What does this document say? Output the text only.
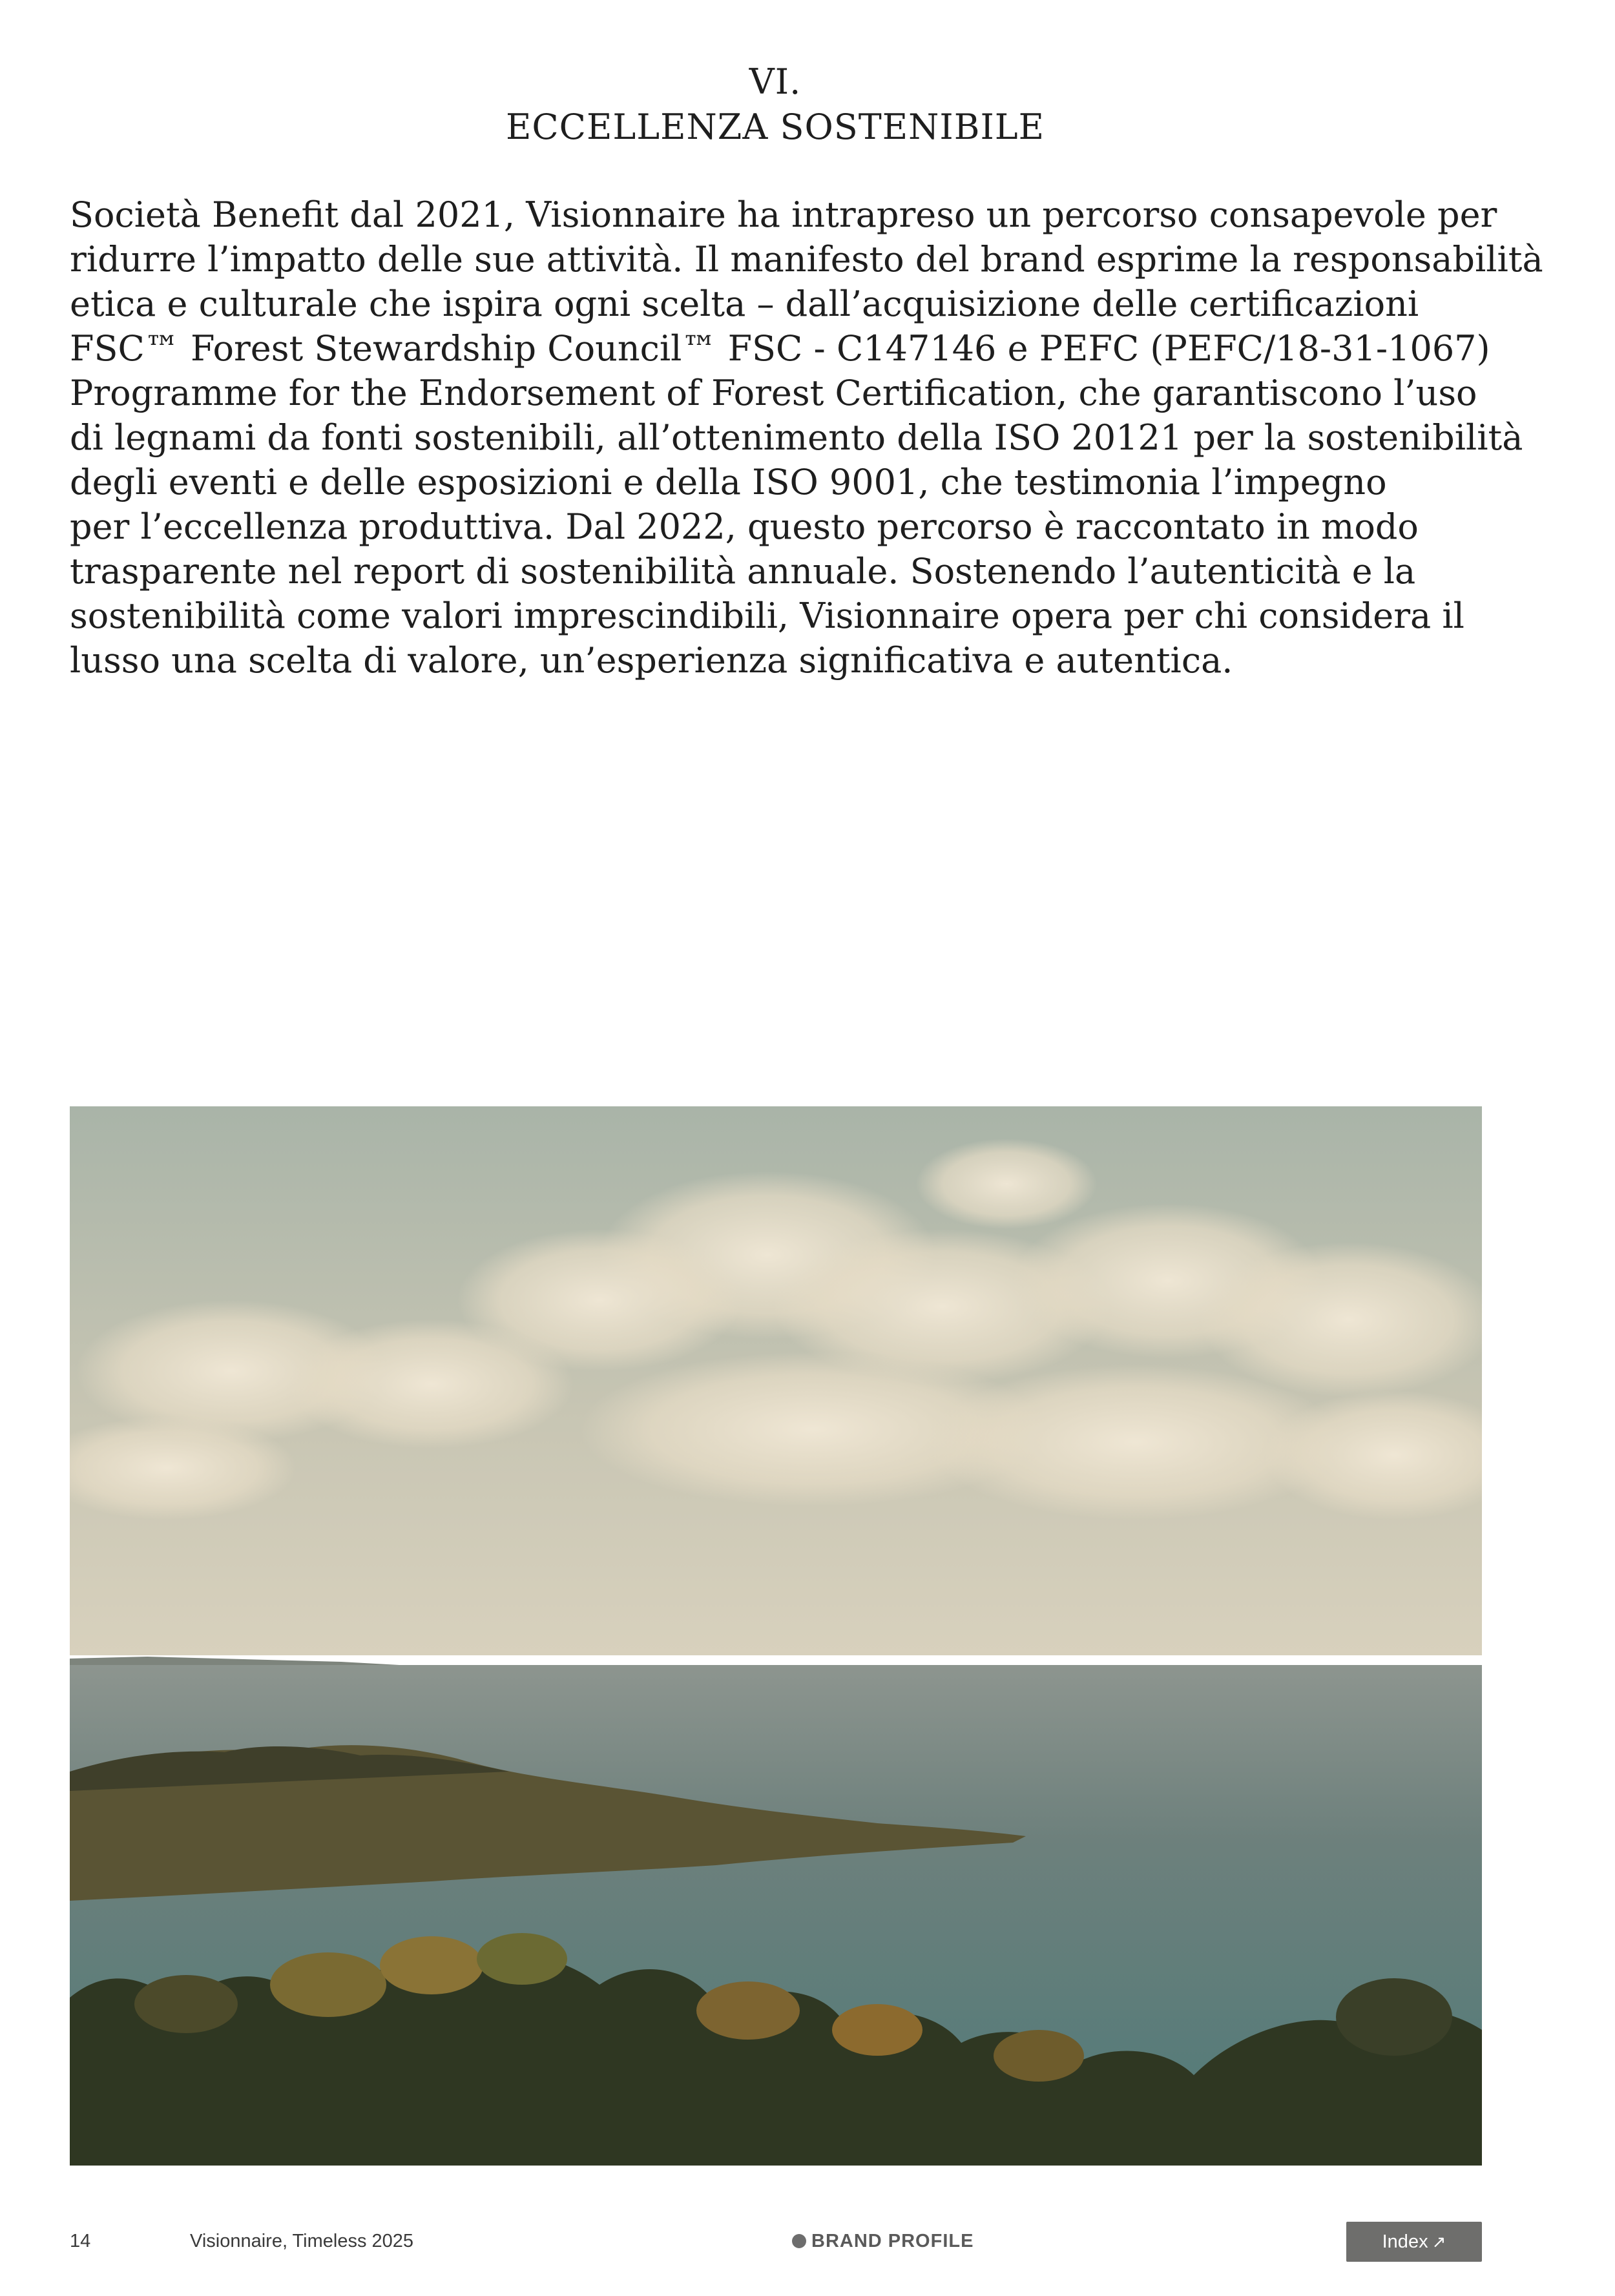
VI.
ECCELLENZA SOSTENIBILE
Società Benefit dal 2021, Visionnaire ha intrapreso un percorso consapevole per
ridurre l’impatto delle sue attività. Il manifesto del brand esprime la responsabilità
etica e culturale che ispira ogni scelta – dall’acquisizione delle certificazioni
FSC™ Forest Stewardship Council™ FSC - C147146 e PEFC (PEFC/18-31-1067)
Programme for the Endorsement of Forest Certification, che garantiscono l’uso
di legnami da fonti sostenibili, all’ottenimento della ISO 20121 per la sostenibilità
degli eventi e delle esposizioni e della ISO 9001, che testimonia l’impegno
per l’eccellenza produttiva. Dal 2022, questo percorso è raccontato in modo
trasparente nel report di sostenibilità annuale. Sostenendo l’autenticità e la
sostenibilità come valori imprescindibili, Visionnaire opera per chi considera il
lusso una scelta di valore, un’esperienza significativa e autentica.
14	Visionnaire, Timeless 2025	BRAND PROFILE	Index ↗
